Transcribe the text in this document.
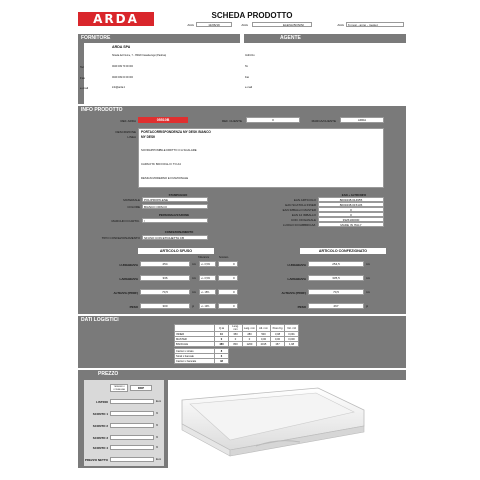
ARDA	SCHEDA PRODOTTO
AGG	11/06/19	AGG	ELENA BONINI	AGG	6 mesi - anno - mesiet
FORNITORE
ARDA SPA
Strada del Fiume, 7 - 35020 Casalserugo (Padova)
Tel	0049 049 79 00 000
Fax	0049 049 00 00 000
e-mail	info@arda.it
AGENTE
Indirizzo
Tel
Fax
e-mail
INFO PRODOTTO
REF. ARDA	05510B	REF. CLIENTE	0	MARCA/CLIENTE	ARDA
DESCRIZIONE
LINEA
PORTACORRISPONDENZA MY DESK BIANCO
MY DESK
SOVRAPPONIBILE DIRITTO O A SCALARE
CAPACITA' 800 FOGLI F TO A4
DESIGN MODERNO E FUNZIONALE
STAMPAGGIO
MATERIALE	POLIPROPILENE
COLORE	BIANCO OPACO
PERSONALIZZAZIONE
MARCHIO DI ARTIC.	/
CONFEZIONAMENTO
TIPO CONFEZIONAMENTO	SFUSO CON ETICHETTA CB
EAN + ALTRI INFO
EAN ARTICOLO	8003438.014955
EAN SCATOLA INNER	8003438.015136
EAN IMBALLO MASTER	0
EAN 12 IMBALLO	0
COD. DOGANALE	3926100000
LUOGO DI FABBRICAZ.	MADE IN ITALY
ARTICOLO SFUSO
Tolleranza	Scostam.
LUNGHEZZA	254	mm	+/- 0,5%	0
LARGHEZZA	336	mm	+/- 0,5%	0
ALTEZZA (PROF)	70,5	mm	+/- 15%	0
PESO	300	gr	+/- 10%	0
ARTICOLO CONFEZIONATO
LUNGHEZZA	254,5	mm
LARGHEZZA	335,5	mm
ALTEZZA (PROF)	70,5	mm
PESO	267	gr
DATI LOGISTICI
	Q.tà	Lung. mm	Larg. mm	Alt. mm	Peso Kg	Vol. m3
INNER	10	350	280	500	3,08	0,091
MASTER	0	0	0	0,00	0,00	0,000
BANCALE	480	800	1200	2015	157	1,98
Cartoni x strato	8
Strati x bancale	6
Cartoni x bancale	48
PREZZO
TERMINI DI CONSEGNA	DDP
LISTINO	Euro
SCONTO 1	%
SCONTO 2	%
SCONTO 3	%
SCONTO 4	%
PREZZO NETTO	Euro
